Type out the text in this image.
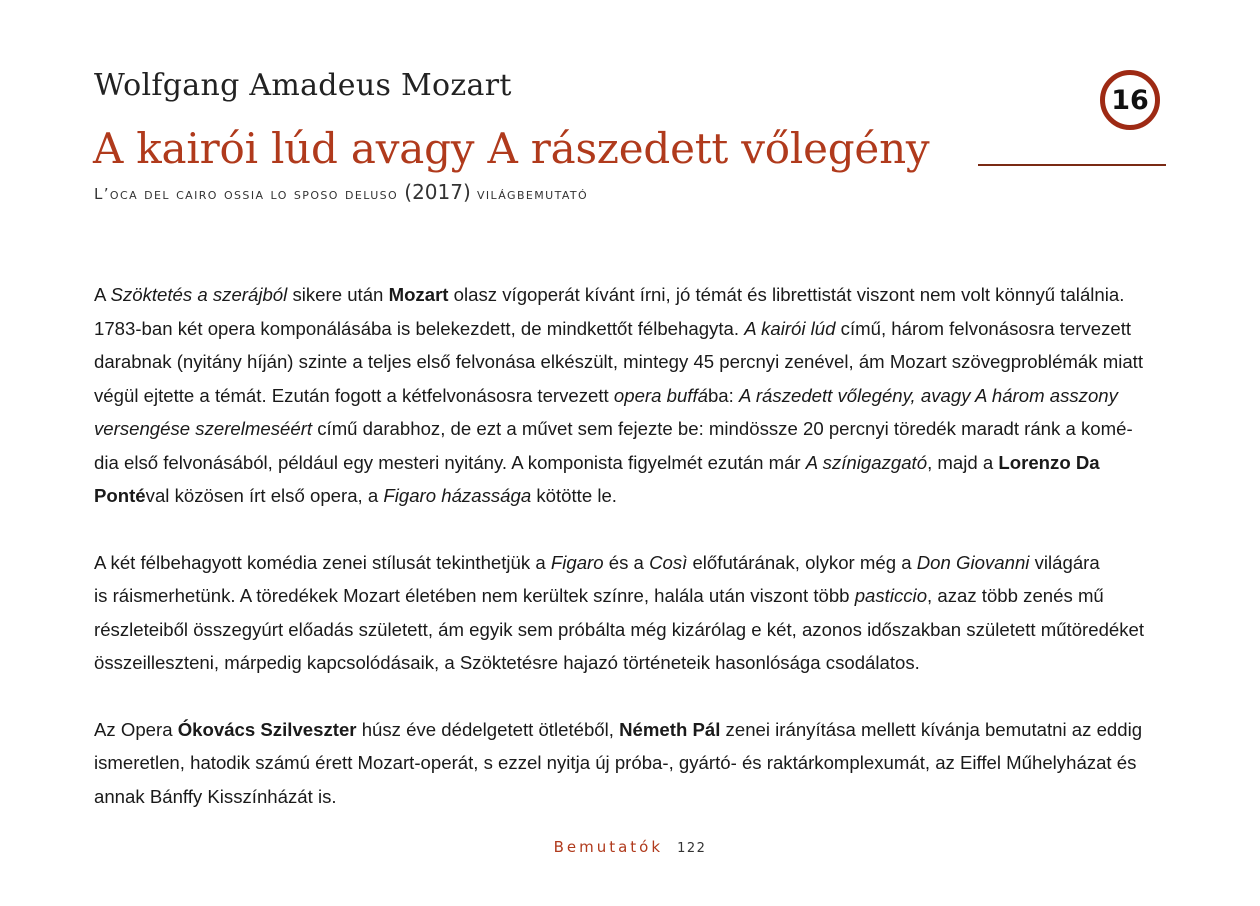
Wolfgang Amadeus Mozart
A kairói lúd avagy A rászedett vőlegény
16
L’oca del cairo ossia lo sposo deluso (2017) világbemutató
A Szöktetés a szerájból sikere után Mozart olasz vígoperát kívánt írni, jó témát és librettistát viszont nem volt könnyű találnia.
1783-ban két opera komponálásába is belekezdett, de mindkettőt félbehagyta. A kairói lúd című, három felvonásosra tervezett
darabnak (nyitány híján) szinte a teljes első felvonása elkészült, mintegy 45 percnyi zenével, ám Mozart szövegproblémák miatt
végül ejtette a témát. Ezután fogott a kétfelvonásosra tervezett opera buffába: A rászedett vőlegény, avagy A három asszony
versengése szerelmeséért című darabhoz, de ezt a művet sem fejezte be: mindössze 20 percnyi töredék maradt ránk a komé-
dia első felvonásából, például egy mesteri nyitány. A komponista figyelmét ezután már A színigazgató, majd a Lorenzo Da
Pontéval közösen írt első opera, a Figaro házassága kötötte le.
A két félbehagyott komédia zenei stílusát tekinthetjük a Figaro és a Così előfutárának, olykor még a Don Giovanni világára
is ráismerhetünk. A töredékek Mozart életében nem kerültek színre, halála után viszont több pasticcio, azaz több zenés mű
részleteiből összegyúrt előadás született, ám egyik sem próbálta még kizárólag e két, azonos időszakban született műtöredéket
összeilleszteni, márpedig kapcsolódásaik, a Szöktetésre hajazó történeteik hasonlósága csodálatos.
Az Opera Ókovács Szilveszter húsz éve dédelgetett ötletéből, Németh Pál zenei irányítása mellett kívánja bemutatni az eddig
ismeretlen, hatodik számú érett Mozart-operát, s ezzel nyitja új próba-, gyártó- és raktárkomplexumát, az Eiffel Műhelyházat és
annak Bánffy Kisszínházát is.
Bemutatók 122
